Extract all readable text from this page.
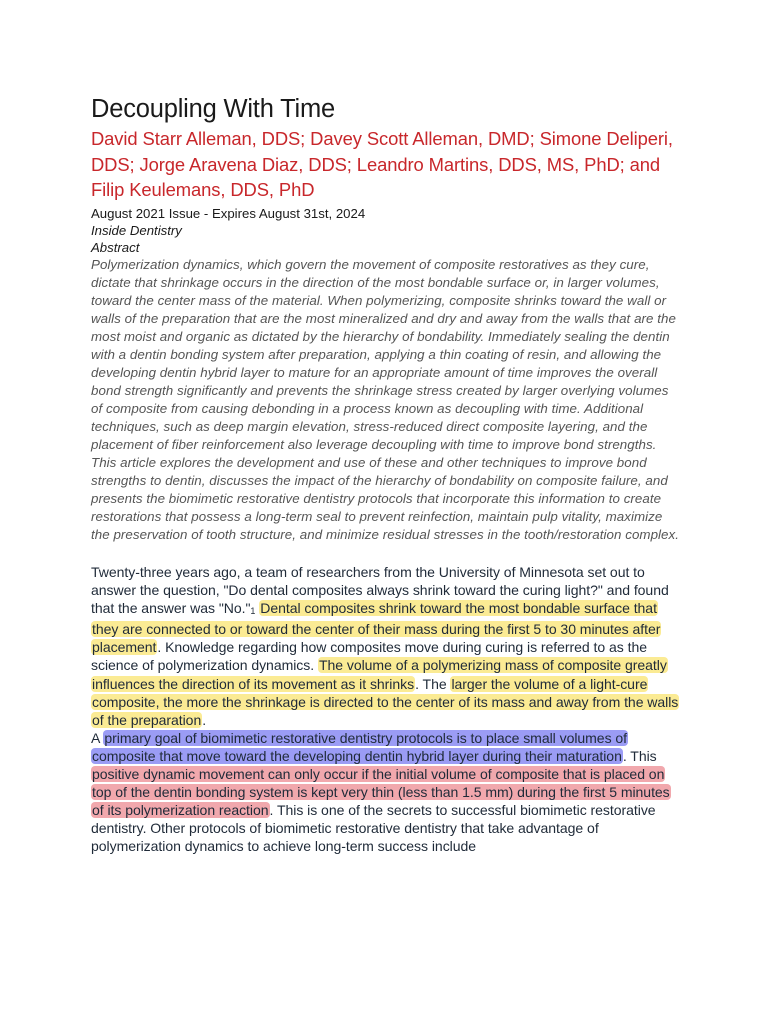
Decoupling With Time

David Starr Alleman, DDS; Davey Scott Alleman, DMD; Simone Deliperi, DDS; Jorge Aravena Diaz, DDS; Leandro Martins, DDS, MS, PhD; and Filip Keulemans, DDS, PhD

August 2021 Issue - Expires August 31st, 2024

Inside Dentistry

Abstract

Polymerization dynamics, which govern the movement of composite restoratives as they cure, dictate that shrinkage occurs in the direction of the most bondable surface or, in larger volumes, toward the center mass of the material. When polymerizing, composite shrinks toward the wall or walls of the preparation that are the most mineralized and dry and away from the walls that are the most moist and organic as dictated by the hierarchy of bondability. Immediately sealing the dentin with a dentin bonding system after preparation, applying a thin coating of resin, and allowing the developing dentin hybrid layer to mature for an appropriate amount of time improves the overall bond strength significantly and prevents the shrinkage stress created by larger overlying volumes of composite from causing debonding in a process known as decoupling with time. Additional techniques, such as deep margin elevation, stress-reduced direct composite layering, and the placement of fiber reinforcement also leverage decoupling with time to improve bond strengths. This article explores the development and use of these and other techniques to improve bond strengths to dentin, discusses the impact of the hierarchy of bondability on composite failure, and presents the biomimetic restorative dentistry protocols that incorporate this information to create restorations that possess a long-term seal to prevent reinfection, maintain pulp vitality, maximize the preservation of tooth structure, and minimize residual stresses in the tooth/restoration complex.

Twenty-three years ago, a team of researchers from the University of Minnesota set out to answer the question, "Do dental composites always shrink toward the curing light?" and found that the answer was "$No."_1$ Dental composites shrink toward the most bondable surface that they are connected to or toward the center of their mass during the first 5 to 30 minutes after placement. Knowledge regarding how composites move during curing is referred to as the science of polymerization dynamics. The volume of a polymerizing mass of composite greatly influences the direction of its movement as it shrinks. The larger the volume of a light-cure composite, the more the shrinkage is directed to the center of its mass and away from the walls of the preparation.

A primary goal of biomimetic restorative dentistry protocols is to place small volumes of composite that move toward the developing dentin hybrid layer during their maturation. This positive dynamic movement can only occur if the initial volume of composite that is placed on top of the dentin bonding system is kept very thin (less than 1.5 mm) during the first 5 minutes of its polymerization reaction. This is one of the secrets to successful biomimetic restorative dentistry. Other protocols of biomimetic restorative dentistry that take advantage of polymerization dynamics to achieve long-term success include
